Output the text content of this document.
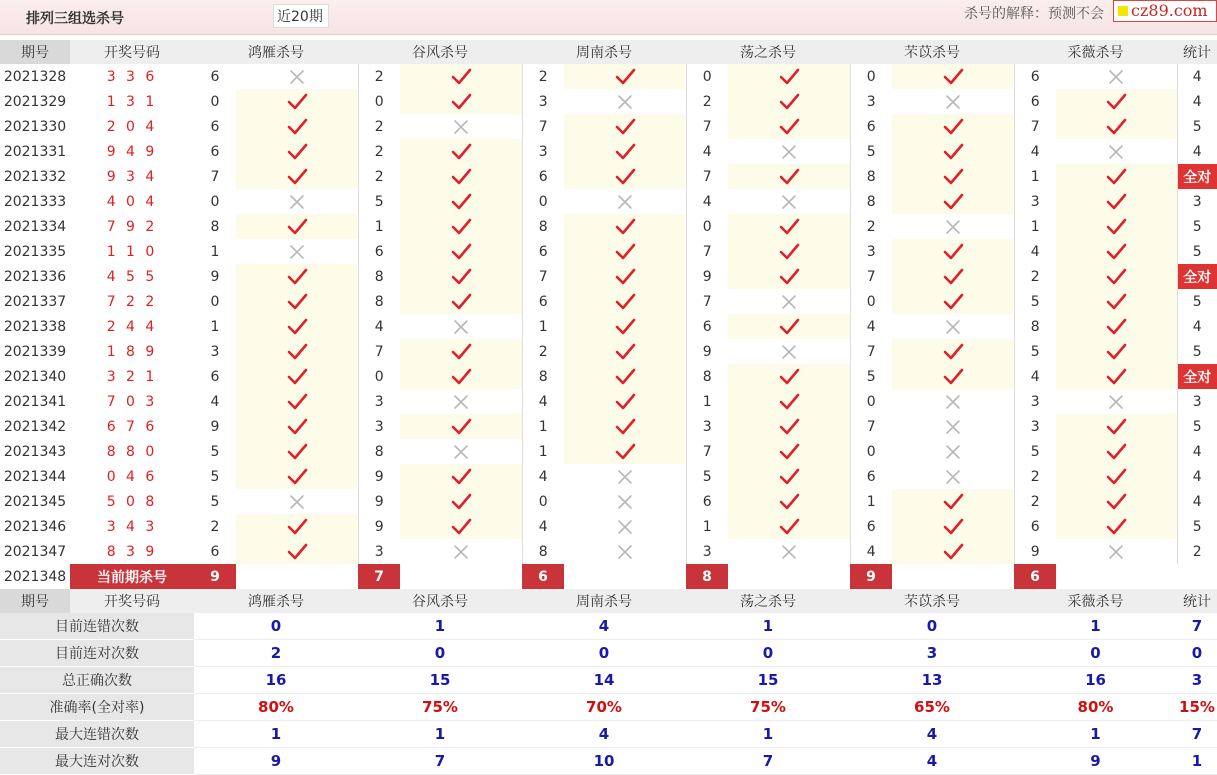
排列三组选杀号	近20期	杀号的解释：预测不会	cz89.com
期号	开奖号码	鸿雁杀号		谷风杀号		周南杀号		荡之杀号		芣苡杀号		采薇杀号		统计
2021328	3 3 6	6		2		2		0		0		6		4
2021329	1 3 1	0		0		3		2		3		6		4
2021330	2 0 4	6		2		7		7		6		7		5
2021331	9 4 9	6		2		3		4		5		4		4
2021332	9 3 4	7		2		6		7		8		1		全对
2021333	4 0 4	0		5		0		4		8		3		3
2021334	7 9 2	8		1		8		0		2		1		5
2021335	1 1 0	1		6		6		7		3		4		5
2021336	4 5 5	9		8		7		9		7		2		全对
2021337	7 2 2	0		8		6		7		0		5		5
2021338	2 4 4	1		4		1		6		4		8		4
2021339	1 8 9	3		7		2		9		7		5		5
2021340	3 2 1	6		0		8		8		5		4		全对
2021341	7 0 3	4		3		4		1		0		3		3
2021342	6 7 6	9		3		1		3		7		3		5
2021343	8 8 0	5		8		1		7		0		5		4
2021344	0 4 6	5		9		4		5		6		2		4
2021345	5 0 8	5		9		0		6		1		2		4
2021346	3 4 3	2		9		4		1		6		6		5
2021347	8 3 9	6		3		8		3		4		9		2
2021348	当前期杀号	9		7		6		8		9		6		
期号	开奖号码	鸿雁杀号		谷风杀号		周南杀号		荡之杀号		芣苡杀号		采薇杀号		统计
目前连错次数		0		1		4		1		0		1		7
目前连对次数		2		0		0		0		3		0		0
总正确次数		16		15		14		15		13		16		3
准确率(全对率)		80%		75%		70%		75%		65%		80%		15%
最大连错次数		1		1		4		1		4		1		7
最大连对次数		9		7		10		7		4		9		1
